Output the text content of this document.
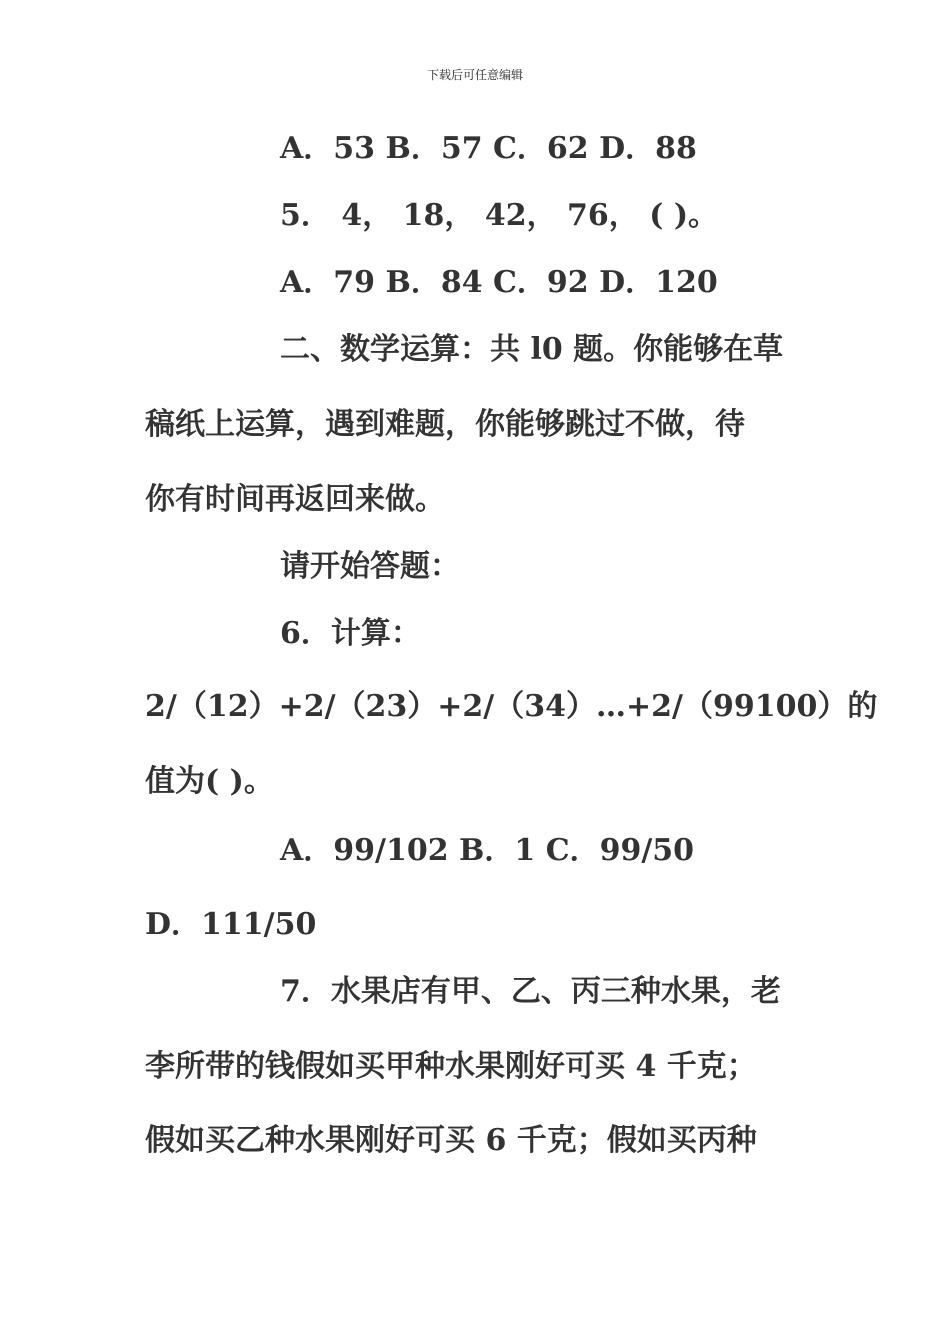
下载后可任意编辑
A．53 B．57 C．62 D．88
5． 4， 18， 42， 76， ( )。
A．79 B．84 C．92 D．120
二、数学运算：共 l0 题。你能够在草
稿纸上运算，遇到难题，你能够跳过不做，待
你有时间再返回来做。
请开始答题：
6．计算：
2/（12）+2/（23）+2/（34）…+2/（99100）的
值为( )。
A．99/102 B．1 C．99/50
D．111/50
7．水果店有甲、乙、丙三种水果，老
李所带的钱假如买甲种水果刚好可买 4 千克；
假如买乙种水果刚好可买 6 千克；假如买丙种
